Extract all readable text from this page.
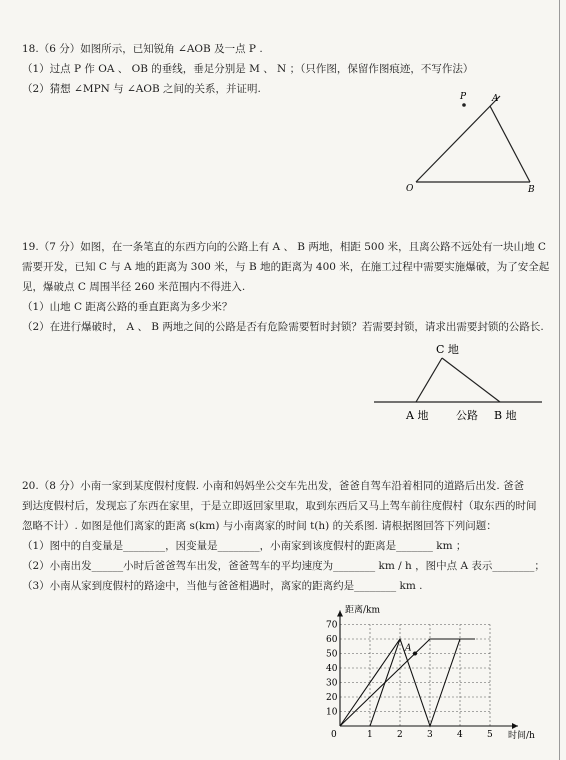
18.（6 分）如图所示，已知锐角 ∠AOB 及一点 P .
（1）过点 P 作 OA 、 OB 的垂线，垂足分别是 M 、 N ；（只作图，保留作图痕迹，不写作法）
（2）猜想 ∠MPN 与 ∠AOB 之间的关系，并证明.
P	A
O	B
19.（7 分）如图，在一条笔直的东西方向的公路上有 A 、 B 两地，相距 500 米，且离公路不远处有一块山地 C
需要开发，已知 C 与 A 地的距离为 300 米，与 B 地的距离为 400 米，在施工过程中需要实施爆破，为了安全起
见，爆破点 C 周围半径 260 米范围内不得进入.
（1）山地 C 距离公路的垂直距离为多少米？
（2）在进行爆破时， A 、 B 两地之间的公路是否有危险需要暂时封锁？若需要封锁，请求出需要封锁的公路长.
C 地
A 地	公路 B 地
20.（8 分）小南一家到某度假村度假. 小南和妈妈坐公交车先出发，爸爸自驾车沿着相同的道路后出发. 爸爸
到达度假村后，发现忘了东西在家里，于是立即返回家里取，取到东西后又马上驾车前往度假村（取东西的时间
忽略不计）. 如图是他们离家的距离 s(km) 与小南离家的时间 t(h) 的关系图. 请根据图回答下列问题：
（1）图中的自变量是________，因变量是________，小南家到该度假村的距离是_______ km ；
（2）小南出发______小时后爸爸驾车出发，爸爸驾车的平均速度为________ km / h ，图中点 A 表示________；
（3）小南从家到度假村的路途中，当他与爸爸相遇时，离家的距离约是________ km .
1	2	3	4	5
10
20
30
40
50
60
70
0
距离/km
时间/h
A
